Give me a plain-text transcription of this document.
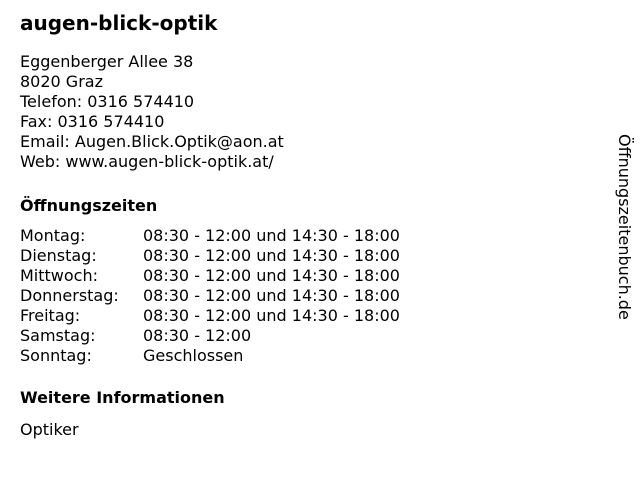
augen-blick-optik
Eggenberger Allee 38
8020 Graz
Telefon: 0316 574410
Fax: 0316 574410
Email: Augen.Blick.Optik@aon.at
Web: www.augen-blick-optik.at/
Öffnungszeiten
Montag:	08:30 - 12:00 und 14:30 - 18:00
Dienstag:	08:30 - 12:00 und 14:30 - 18:00
Mittwoch:	08:30 - 12:00 und 14:30 - 18:00
Donnerstag:	08:30 - 12:00 und 14:30 - 18:00
Freitag:	08:30 - 12:00 und 14:30 - 18:00
Samstag:	08:30 - 12:00
Sonntag:	Geschlossen
Weitere Informationen
Optiker
Öffnungszeitenbuch.de
